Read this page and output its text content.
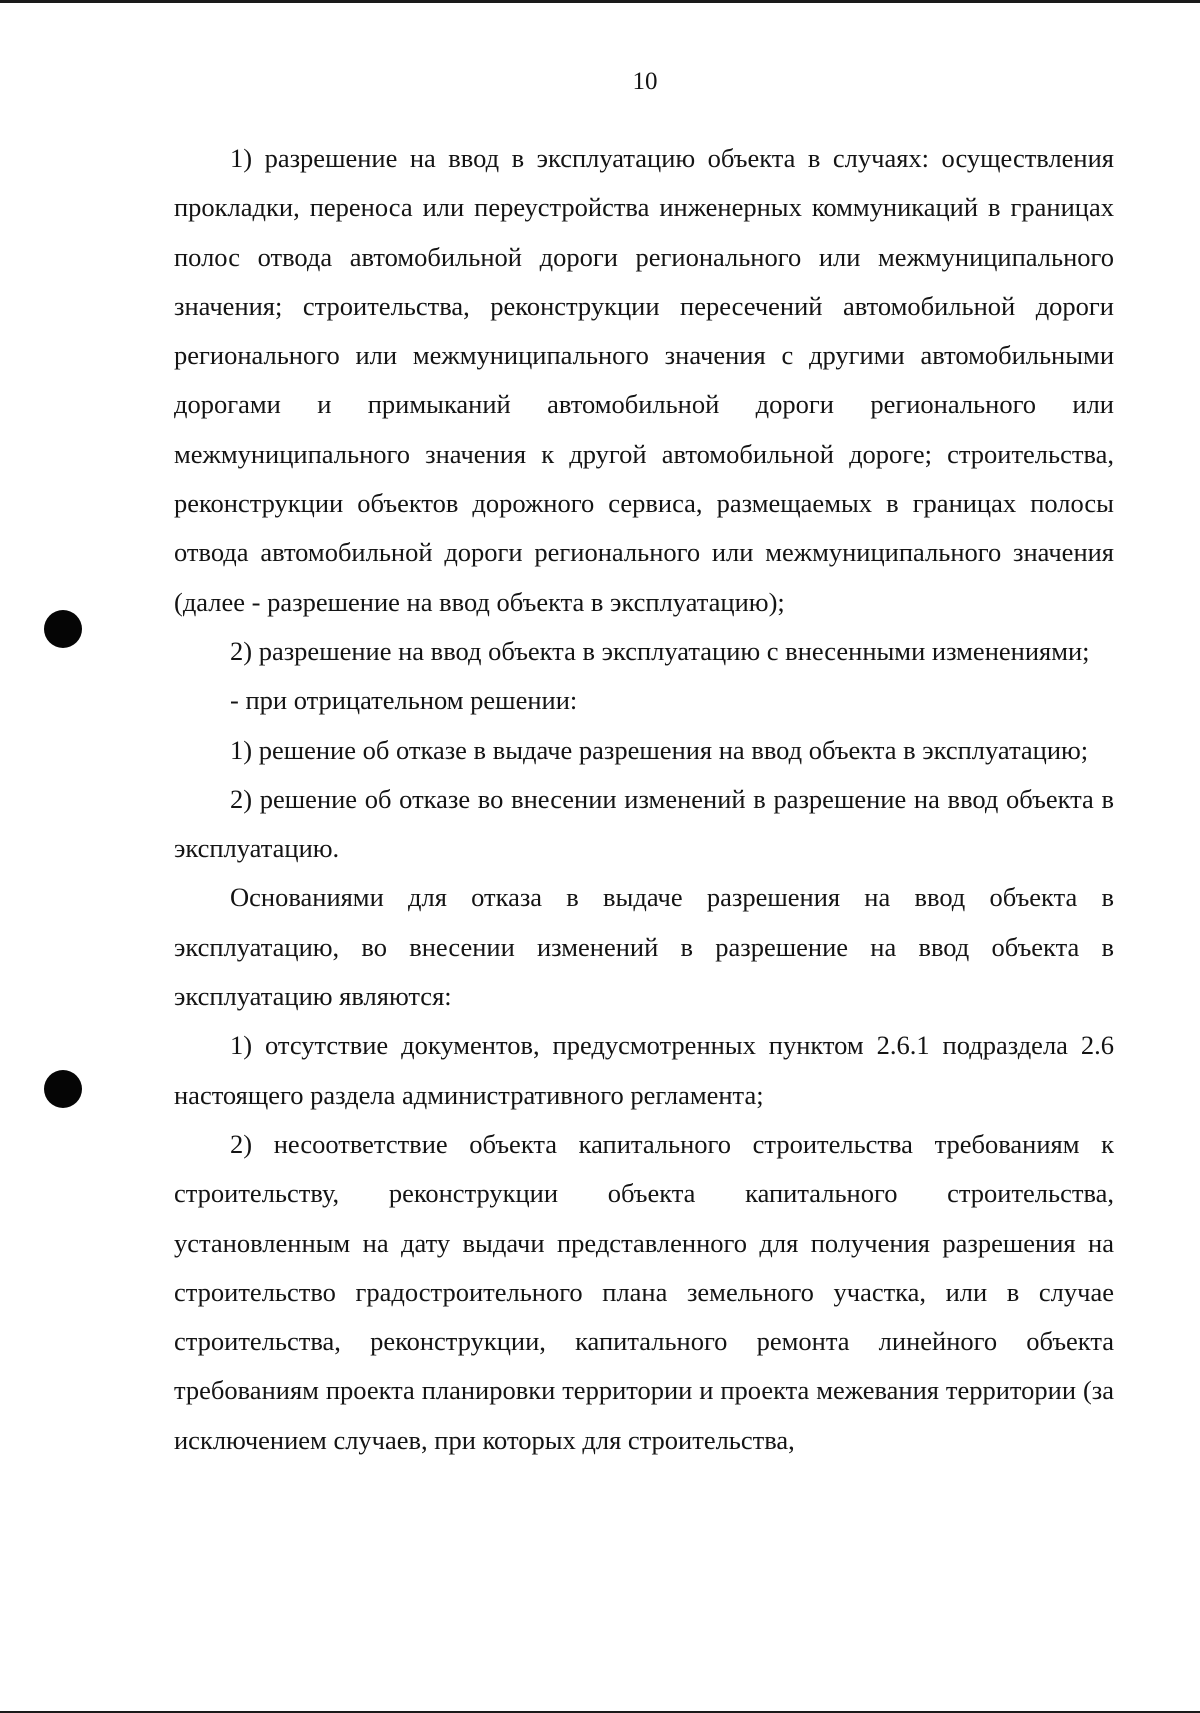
10

1) разрешение на ввод в эксплуатацию объекта в случаях: осуществления прокладки, переноса или переустройства инженерных коммуникаций в границах полос отвода автомобильной дороги регионального или межмуниципального значения; строительства, реконструкции пересечений автомобильной дороги регионального или межмуниципального значения с другими автомобильными дорогами и примыканий автомобильной дороги регионального или межмуниципального значения к другой автомобильной дороге; строительства, реконструкции объектов дорожного сервиса, размещаемых в границах полосы отвода автомобильной дороги регионального или межмуниципального значения (далее - разрешение на ввод объекта в эксплуатацию);

2) разрешение на ввод объекта в эксплуатацию с внесенными изменениями;

- при отрицательном решении:

1) решение об отказе в выдаче разрешения на ввод объекта в эксплуатацию;

2) решение об отказе во внесении изменений в разрешение на ввод объекта в эксплуатацию.

Основаниями для отказа в выдаче разрешения на ввод объекта в эксплуатацию, во внесении изменений в разрешение на ввод объекта в эксплуатацию являются:

1) отсутствие документов, предусмотренных пунктом 2.6.1 подраздела 2.6 настоящего раздела административного регламента;

2) несоответствие объекта капитального строительства требованиям к строительству, реконструкции объекта капитального строительства, установленным на дату выдачи представленного для получения разрешения на строительство градостроительного плана земельного участка, или в случае строительства, реконструкции, капитального ремонта линейного объекта требованиям проекта планировки территории и проекта межевания территории (за исключением случаев, при которых для строительства,
